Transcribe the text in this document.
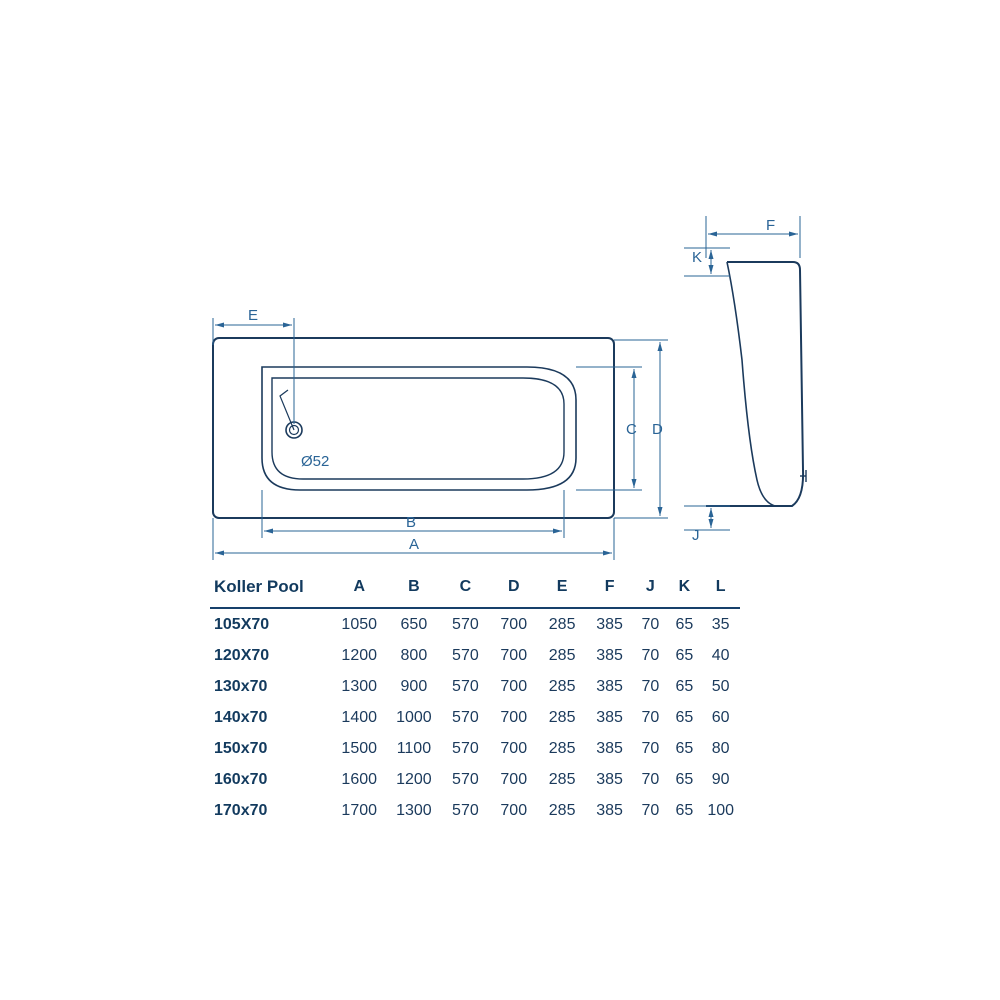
Ø52
E
B
A
C D
F
K
J
Koller Pool	A	B	C	D	E	F	J	K	L
105X70	1050	650	570	700	285	385	70	65	35
120X70	1200	800	570	700	285	385	70	65	40
130x70	1300	900	570	700	285	385	70	65	50
140x70	1400	1000	570	700	285	385	70	65	60
150x70	1500	1100	570	700	285	385	70	65	80
160x70	1600	1200	570	700	285	385	70	65	90
170x70	1700	1300	570	700	285	385	70	65	100
